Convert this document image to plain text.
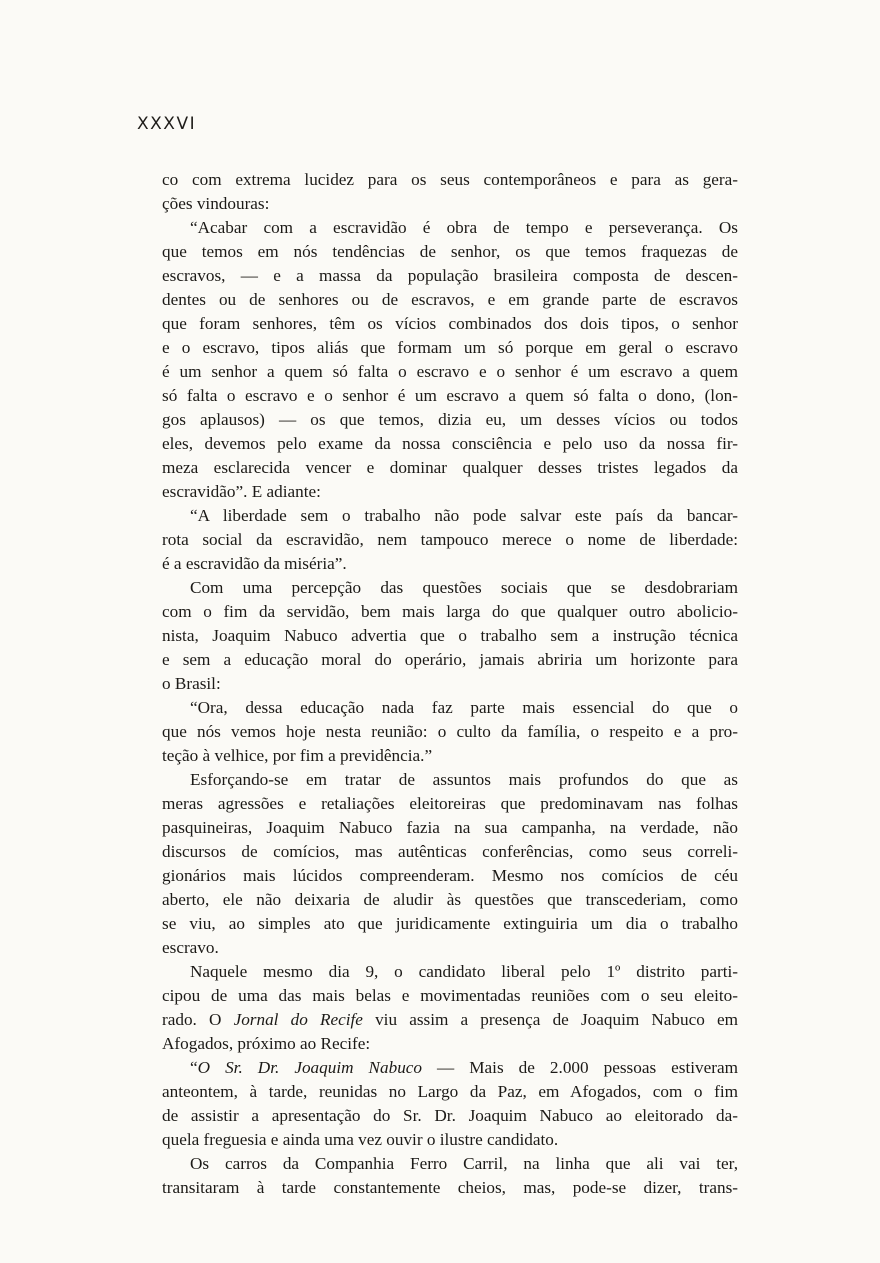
XXXVI
co com extrema lucidez para os seus contemporâneos e para as gera-
ções vindouras:
“Acabar com a escravidão é obra de tempo e perseverança. Os
que temos em nós tendências de senhor, os que temos fraquezas de
escravos, — e a massa da população brasileira composta de descen-
dentes ou de senhores ou de escravos, e em grande parte de escravos
que foram senhores, têm os vícios combinados dos dois tipos, o senhor
e o escravo, tipos aliás que formam um só porque em geral o escravo
é um senhor a quem só falta o escravo e o senhor é um escravo a quem
só falta o escravo e o senhor é um escravo a quem só falta o dono, (lon-
gos aplausos) — os que temos, dizia eu, um desses vícios ou todos
eles, devemos pelo exame da nossa consciência e pelo uso da nossa fir-
meza esclarecida vencer e dominar qualquer desses tristes legados da
escravidão”. E adiante:
“A liberdade sem o trabalho não pode salvar este país da bancar-
rota social da escravidão, nem tampouco merece o nome de liberdade:
é a escravidão da miséria”.
Com uma percepção das questões sociais que se desdobrariam
com o fim da servidão, bem mais larga do que qualquer outro abolicio-
nista, Joaquim Nabuco advertia que o trabalho sem a instrução técnica
e sem a educação moral do operário, jamais abriria um horizonte para
o Brasil:
“Ora, dessa educação nada faz parte mais essencial do que o
que nós vemos hoje nesta reunião: o culto da família, o respeito e a pro-
teção à velhice, por fim a previdência.”
Esforçando-se em tratar de assuntos mais profundos do que as
meras agressões e retaliações eleitoreiras que predominavam nas folhas
pasquineiras, Joaquim Nabuco fazia na sua campanha, na verdade, não
discursos de comícios, mas autênticas conferências, como seus correli-
gionários mais lúcidos compreenderam. Mesmo nos comícios de céu
aberto, ele não deixaria de aludir às questões que transcederiam, como
se viu, ao simples ato que juridicamente extinguiria um dia o trabalho
escravo.
Naquele mesmo dia 9, o candidato liberal pelo 1º distrito parti-
cipou de uma das mais belas e movimentadas reuniões com o seu eleito-
rado. O Jornal do Recife viu assim a presença de Joaquim Nabuco em
Afogados, próximo ao Recife:
“O Sr. Dr. Joaquim Nabuco — Mais de 2.000 pessoas estiveram
anteontem, à tarde, reunidas no Largo da Paz, em Afogados, com o fim
de assistir a apresentação do Sr. Dr. Joaquim Nabuco ao eleitorado da-
quela freguesia e ainda uma vez ouvir o ilustre candidato.
Os carros da Companhia Ferro Carril, na linha que ali vai ter,
transitaram à tarde constantemente cheios, mas, pode-se dizer, trans-
